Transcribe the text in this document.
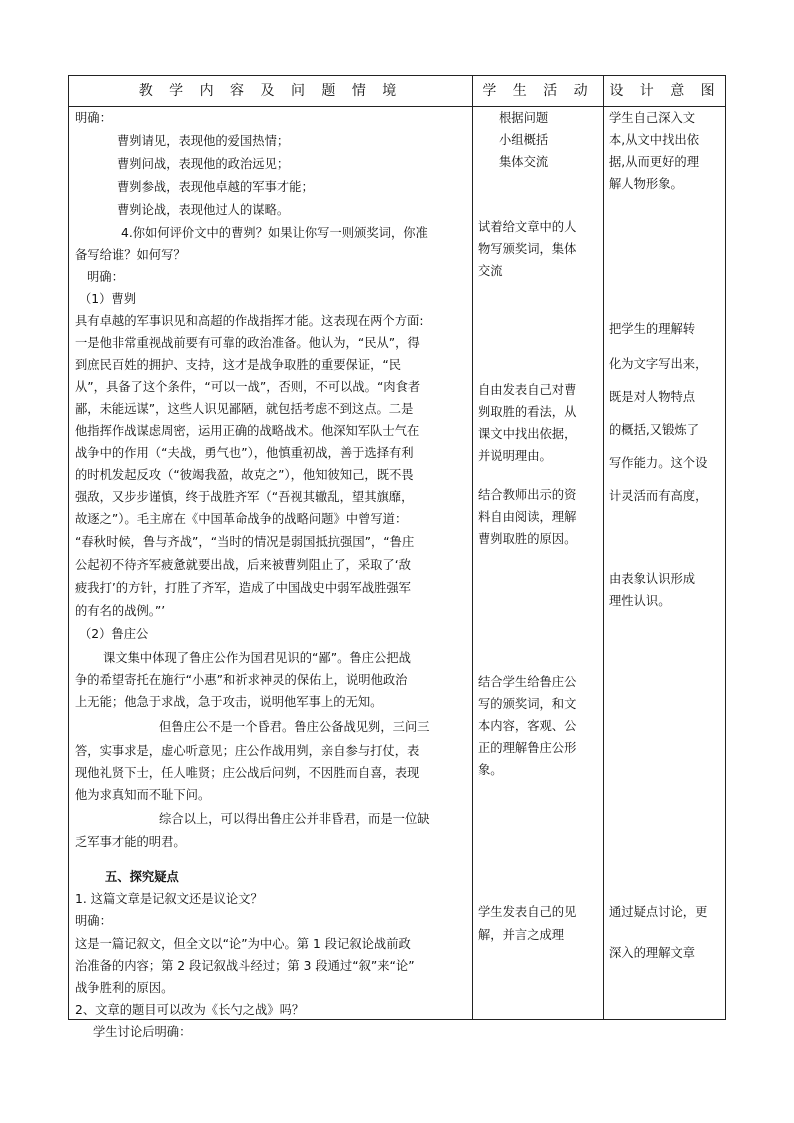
教 学 内 容 及 问 题 情 境	学 生 活 动	设 计 意 图
明确：
曹刿请见，表现他的爱国热情；
曹刿问战，表现他的政治远见；
曹刿参战，表现他卓越的军事才能；
曹刿论战，表现他过人的谋略。
4.你如何评价文中的曹刿？如果让你写一则颁奖词，你准
备写给谁？如何写？
明确：
（1）曹刿
具有卓越的军事识见和高超的作战指挥才能。这表现在两个方面:
一是他非常重视战前要有可靠的政治准备。他认为，“民从”，得
到庶民百姓的拥护、支持，这才是战争取胜的重要保证，“民
从”，具备了这个条件，“可以一战”，否则，不可以战。“肉食者
鄙，未能远谋”，这些人识见鄙陋，就包括考虑不到这点。二是
他指挥作战谋虑周密，运用正确的战略战术。他深知军队士气在
战争中的作用（“夫战，勇气也”），他慎重初战，善于选择有利
的时机发起反攻（“彼竭我盈，故克之”），他知彼知己，既不畏
强敌，又步步谨慎，终于战胜齐军（“吾视其辙乱，望其旗靡，
故逐之”）。毛主席在《中国革命战争的战略问题》中曾写道：
“春秋时候，鲁与齐战”，“当时的情况是弱国抵抗强国”，“鲁庄
公起初不待齐军疲惫就要出战，后来被曹刿阻止了，采取了‘敌
疲我打’的方针，打胜了齐军，造成了中国战史中弱军战胜强军
的有名的战例。”’
（2）鲁庄公
课文集中体现了鲁庄公作为国君见识的“鄙”。鲁庄公把战
争的希望寄托在施行“小惠”和祈求神灵的保佑上，说明他政治
上无能；他急于求战，急于攻击，说明他军事上的无知。
但鲁庄公不是一个昏君。鲁庄公备战见刿，三问三
答，实事求是，虚心听意见；庄公作战用刿，亲自参与打仗，表
现他礼贤下士，任人唯贤；庄公战后问刿，不因胜而自喜，表现
他为求真知而不耻下问。
综合以上，可以得出鲁庄公并非昏君，而是一位缺
乏军事才能的明君。
五、探究疑点
1. 这篇文章是记叙文还是议论文？
明确：
这是一篇记叙文，但全文以“论”为中心。第 1 段记叙论战前政
治准备的内容；第 2 段记叙战斗经过；第 3 段通过“叙”来“论”
战争胜利的原因。
2、文章的题目可以改为《长勺之战》吗？
学生讨论后明确：
根据问题
小组概括
集体交流
试着给文章中的人
物写颁奖词，集体
交流
自由发表自己对曹
刿取胜的看法，从
课文中找出依据，
并说明理由。
结合教师出示的资
料自由阅读，理解
曹刿取胜的原因。
结合学生给鲁庄公
写的颁奖词，和文
本内容，客观、公
正的理解鲁庄公形
象。
学生发表自己的见
解，并言之成理
学生自己深入文
本,从文中找出依
据,从而更好的理
解人物形象。
把学生的理解转
化为文字写出来，
既是对人物特点
的概括,又锻炼了
写作能力。这个设
计灵活而有高度，
由表象认识形成
理性认识。
通过疑点讨论，更
深入的理解文章
